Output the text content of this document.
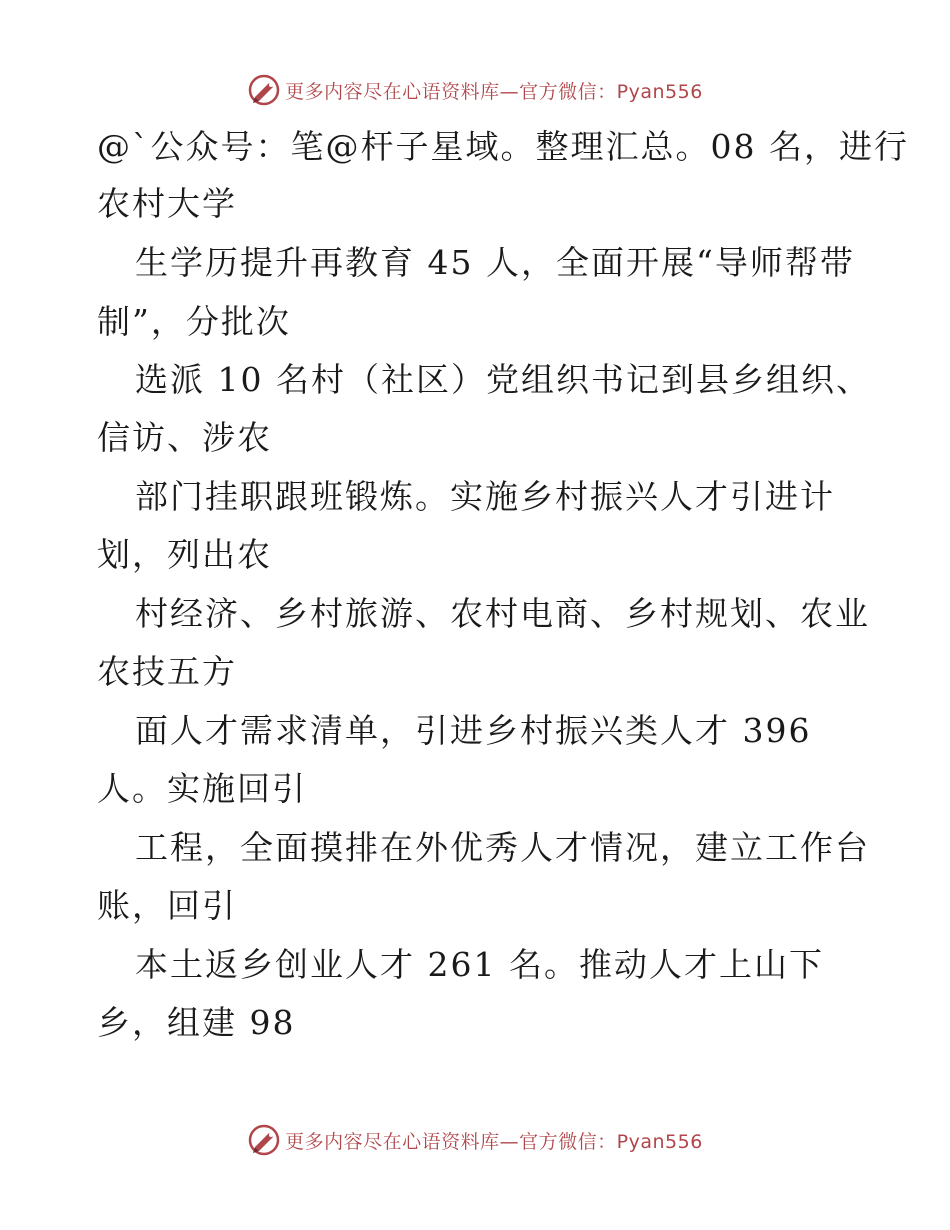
更多内容尽在心语资料库—官方微信：Pyan556
@`公众号：笔@杆子星域。整理汇总。08 名，进行
农村大学
生学历提升再教育 45 人，全面开展“导师帮带
制”，分批次
选派 10 名村（社区）党组织书记到县乡组织、
信访、涉农
部门挂职跟班锻炼。实施乡村振兴人才引进计
划，列出农
村经济、乡村旅游、农村电商、乡村规划、农业
农技五方
面人才需求清单，引进乡村振兴类人才 396
人。实施回引
工程，全面摸排在外优秀人才情况，建立工作台
账，回引
本土返乡创业人才 261 名。推动人才上山下
乡，组建 98
更多内容尽在心语资料库—官方微信：Pyan556
